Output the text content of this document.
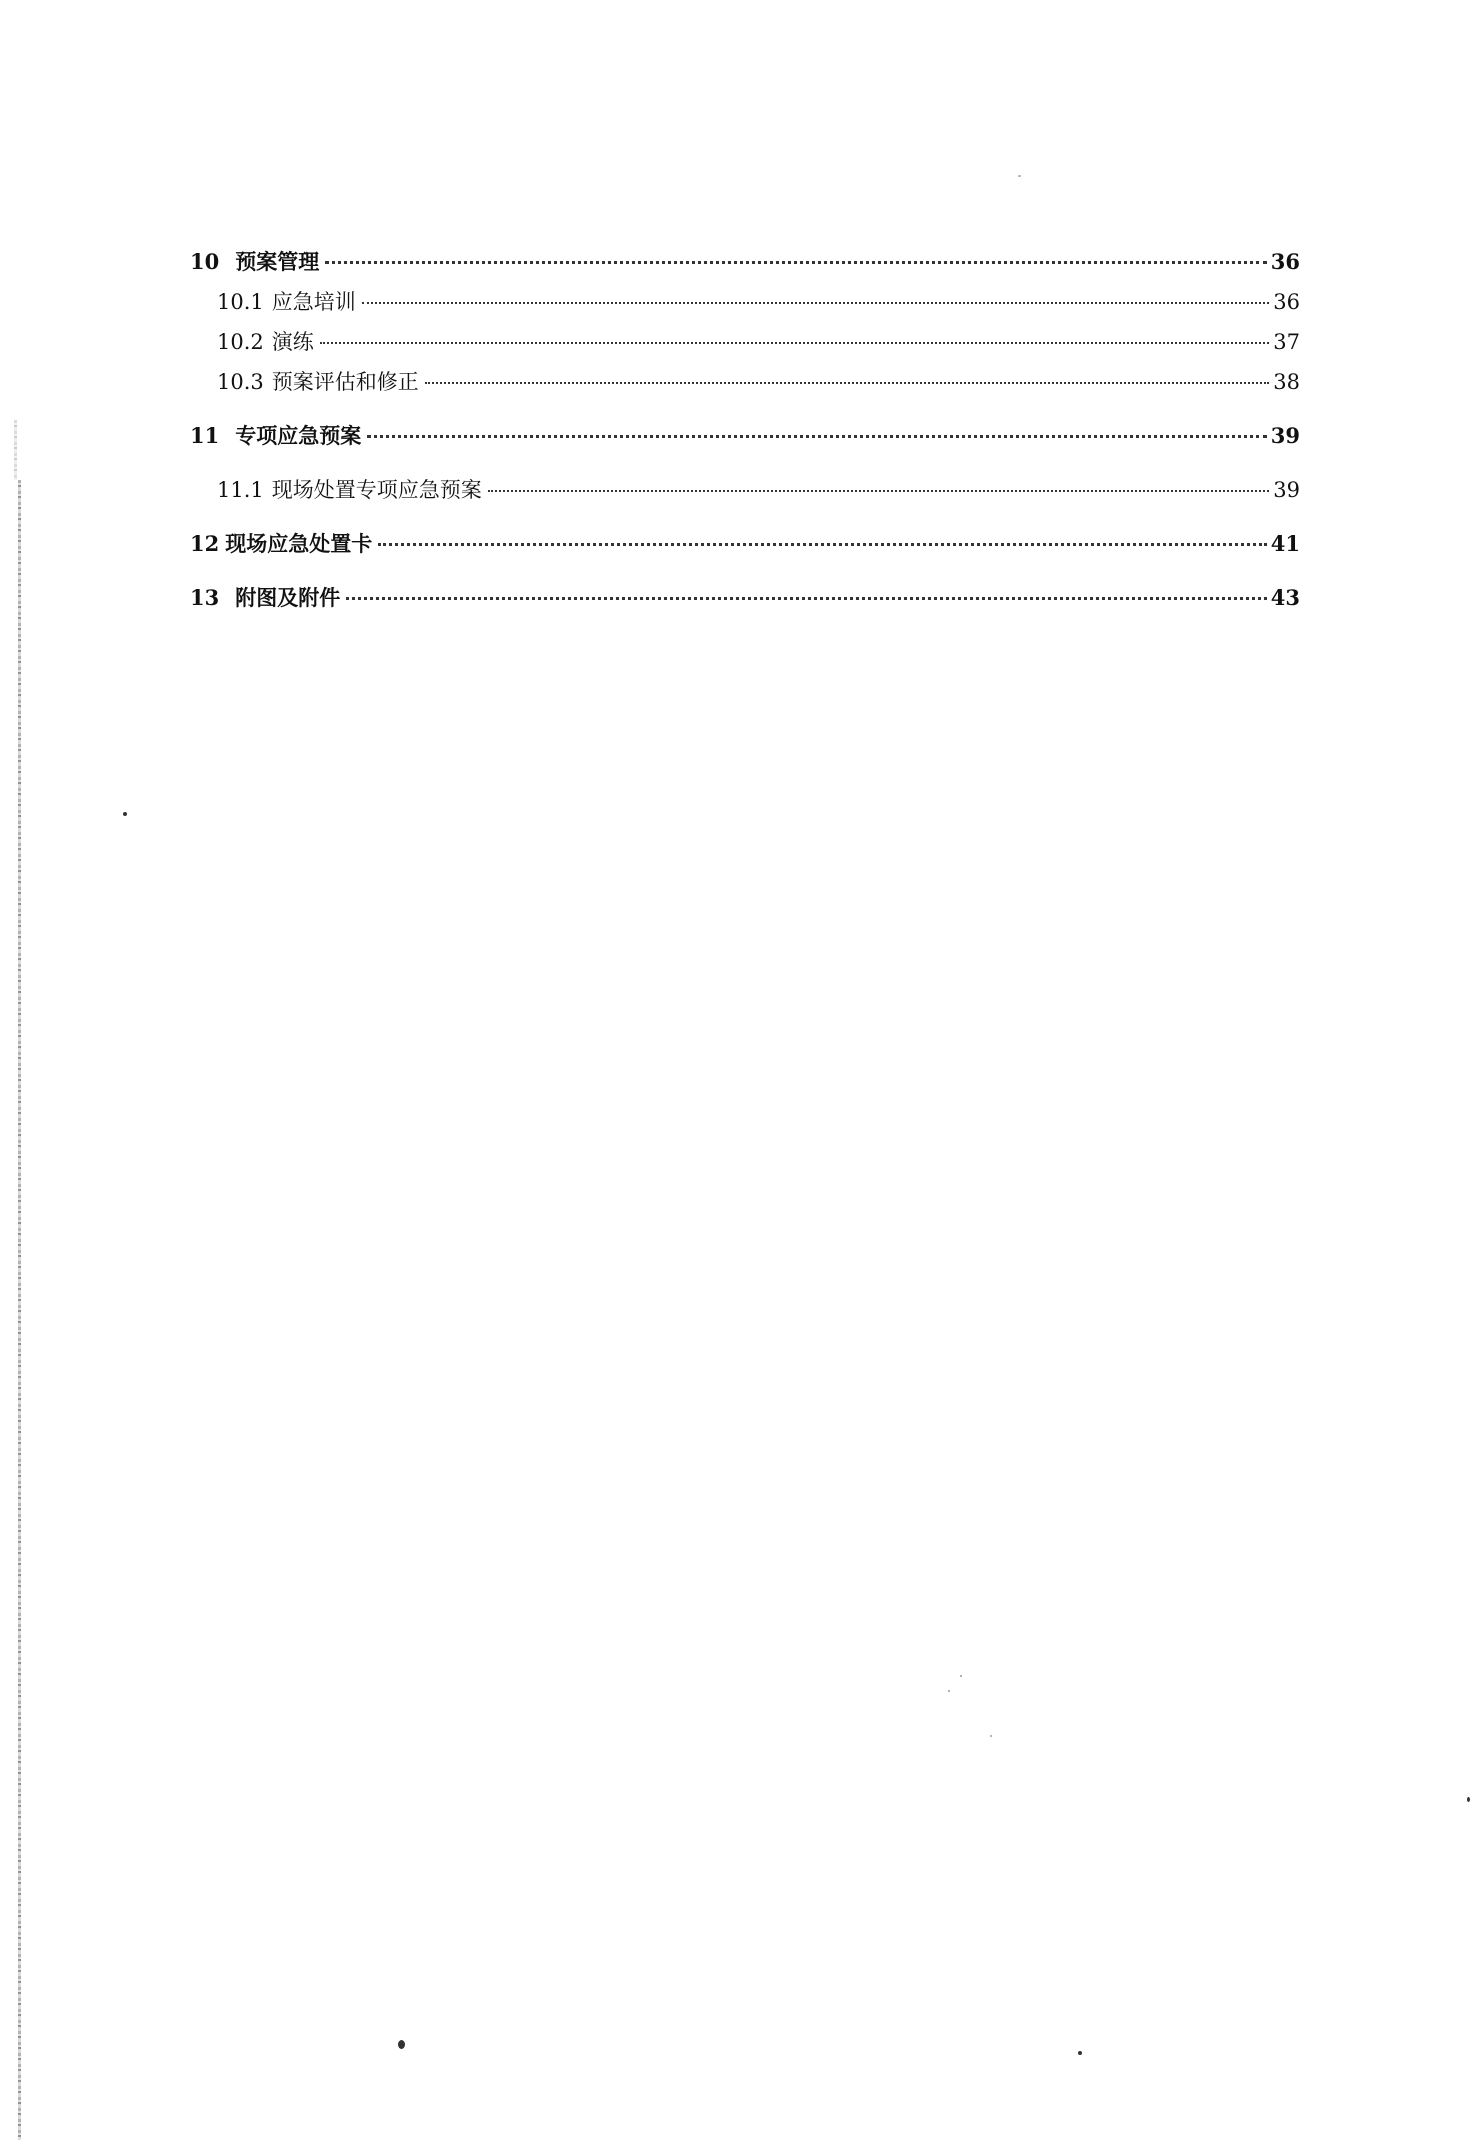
10 预案管理	36
10.1 应急培训	36
10.2 演练	37
10.3 预案评估和修正	38
11 专项应急预案	39
11.1 现场处置专项应急预案	39
12 现场应急处置卡	41
13 附图及附件	43
